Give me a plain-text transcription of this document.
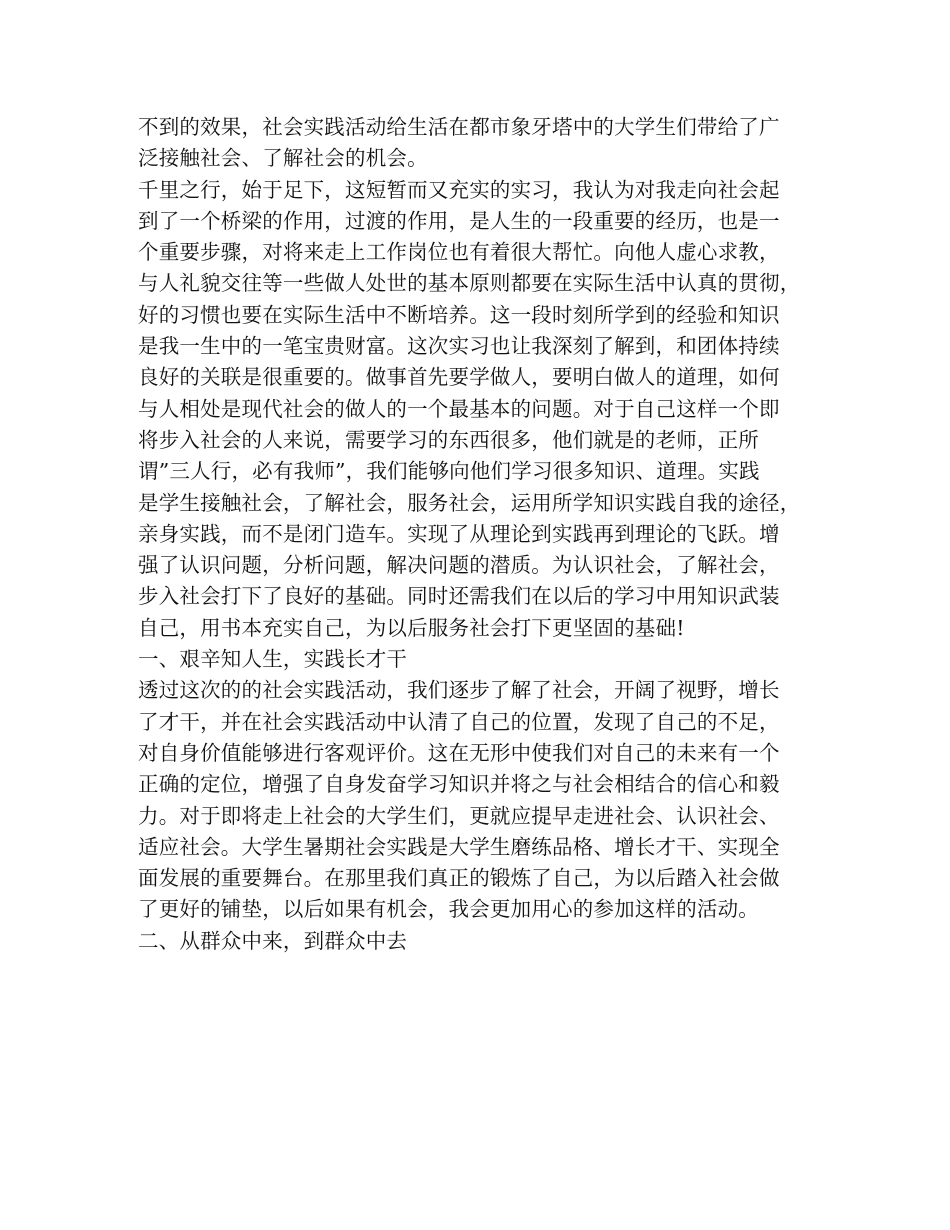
不到的效果，社会实践活动给生活在都市象牙塔中的大学生们带给了广
泛接触社会、了解社会的机会。
千里之行，始于足下，这短暂而又充实的实习，我认为对我走向社会起
到了一个桥梁的作用，过渡的作用，是人生的一段重要的经历，也是一
个重要步骤，对将来走上工作岗位也有着很大帮忙。向他人虚心求教，
与人礼貌交往等一些做人处世的基本原则都要在实际生活中认真的贯彻，
好的习惯也要在实际生活中不断培养。这一段时刻所学到的经验和知识
是我一生中的一笔宝贵财富。这次实习也让我深刻了解到，和团体持续
良好的关联是很重要的。做事首先要学做人，要明白做人的道理，如何
与人相处是现代社会的做人的一个最基本的问题。对于自己这样一个即
将步入社会的人来说，需要学习的东西很多，他们就是的老师，正所
谓”三人行，必有我师”，我们能够向他们学习很多知识、道理。实践
是学生接触社会，了解社会，服务社会，运用所学知识实践自我的途径，
亲身实践，而不是闭门造车。实现了从理论到实践再到理论的飞跃。增
强了认识问题，分析问题，解决问题的潜质。为认识社会，了解社会，
步入社会打下了良好的基础。同时还需我们在以后的学习中用知识武装
自己，用书本充实自己，为以后服务社会打下更坚固的基础!
一、艰辛知人生，实践长才干
透过这次的的社会实践活动，我们逐步了解了社会，开阔了视野，增长
了才干，并在社会实践活动中认清了自己的位置，发现了自己的不足，
对自身价值能够进行客观评价。这在无形中使我们对自己的未来有一个
正确的定位，增强了自身发奋学习知识并将之与社会相结合的信心和毅
力。对于即将走上社会的大学生们，更就应提早走进社会、认识社会、
适应社会。大学生暑期社会实践是大学生磨练品格、增长才干、实现全
面发展的重要舞台。在那里我们真正的锻炼了自己，为以后踏入社会做
了更好的铺垫，以后如果有机会，我会更加用心的参加这样的活动。
二、从群众中来，到群众中去
